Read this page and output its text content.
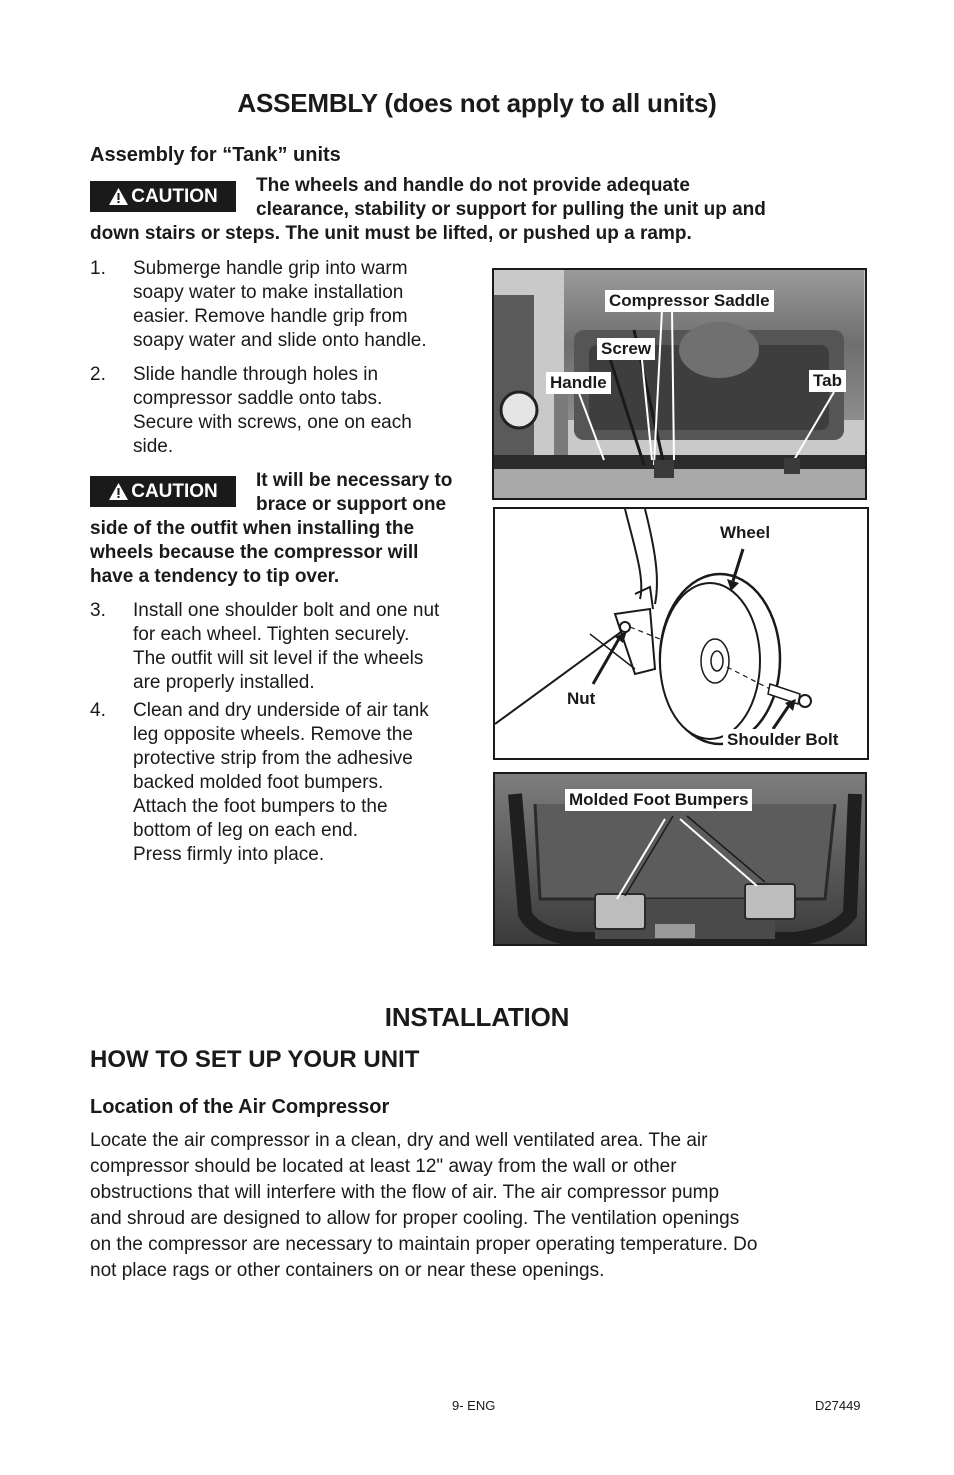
ASSEMBLY (does not apply to all units)
Assembly for “Tank” units
CAUTION
The wheels and handle do not provide adequate
clearance, stability or support for pulling the unit up and
down stairs or steps. The unit must be lifted, or pushed up a ramp.
1. Submerge handle grip into warm
soapy water to make installation
easier. Remove handle grip from
soapy water and slide onto handle.
2. Slide handle through holes in
compressor saddle onto tabs.
Secure with screws, one on each
side.
CAUTION
It will be necessary to
brace or support one
side of the outfit when installing the
wheels because the compressor will
have a tendency to tip over.
3. Install one shoulder bolt and one nut
for each wheel. Tighten securely.
The outfit will sit level if the wheels
are properly installed.
4. Clean and dry underside of air tank
leg opposite wheels. Remove the
protective strip from the adhesive
backed molded foot bumpers.
Attach the foot bumpers to the
bottom of leg on each end.
Press firmly into place.
Compressor Saddle
Screw
Handle	Tab
Wheel
Nut
Shoulder Bolt
Molded Foot Bumpers
INSTALLATION
HOW TO SET UP YOUR UNIT
Location of the Air Compressor
Locate the air compressor in a clean, dry and well ventilated area. The air
compressor should be located at least 12" away from the wall or other
obstructions that will interfere with the flow of air. The air compressor pump
and shroud are designed to allow for proper cooling. The ventilation openings
on the compressor are necessary to maintain proper operating temperature. Do
not place rags or other containers on or near these openings.
9- ENG	D27449
